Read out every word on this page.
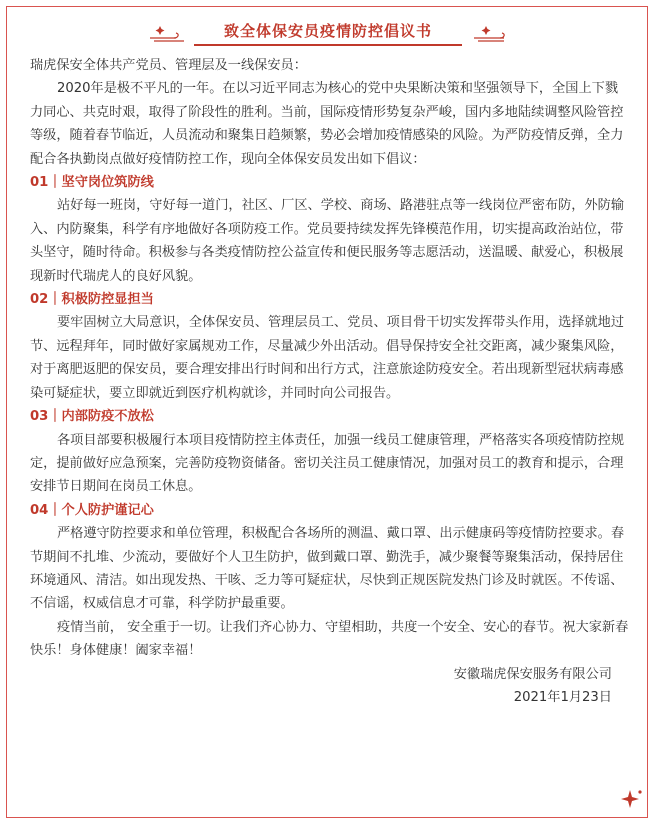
致全体保安员疫情防控倡议书

瑞虎保安全体共产党员、管理层及一线保安员：

2020年是极不平凡的一年。在以习近平同志为核心的党中央果断决策和坚强领导下，全国上下戮力同心、共克时艰，取得了阶段性的胜利。当前，国际疫情形势复杂严峻，国内多地陆续调整风险管控等级，随着春节临近，人员流动和聚集日趋频繁，势必会增加疫情感染的风险。为严防疫情反弹，全力配合各执勤岗点做好疫情防控工作，现向全体保安员发出如下倡议：

01｜坚守岗位筑防线

站好每一班岗，守好每一道门，社区、厂区、学校、商场、路港驻点等一线岗位严密布防，外防输入、内防聚集，科学有序地做好各项防疫工作。党员要持续发挥先锋模范作用，切实提高政治站位，带头坚守，随时待命。积极参与各类疫情防控公益宣传和便民服务等志愿活动，送温暖、献爱心，积极展现新时代瑞虎人的良好风貌。

02｜积极防控显担当

要牢固树立大局意识，全体保安员、管理层员工、党员、项目骨干切实发挥带头作用，选择就地过节、远程拜年，同时做好家属规劝工作，尽量减少外出活动。倡导保持安全社交距离，减少聚集风险，对于离肥返肥的保安员，要合理安排出行时间和出行方式，注意旅途防疫安全。若出现新型冠状病毒感染可疑症状，要立即就近到医疗机构就诊，并同时向公司报告。

03｜内部防疫不放松

各项目部要积极履行本项目疫情防控主体责任，加强一线员工健康管理，严格落实各项疫情防控规定，提前做好应急预案，完善防疫物资储备。密切关注员工健康情况，加强对员工的教育和提示，合理安排节日期间在岗员工休息。

04｜个人防护谨记心

严格遵守防控要求和单位管理，积极配合各场所的测温、戴口罩、出示健康码等疫情防控要求。春节期间不扎堆、少流动，要做好个人卫生防护，做到戴口罩、勤洗手，减少聚餐等聚集活动，保持居住环境通风、清洁。如出现发热、干咳、乏力等可疑症状，尽快到正规医院发热门诊及时就医。不传谣、不信谣，权威信息才可靠，科学防护最重要。

疫情当前， 安全重于一切。让我们齐心协力、守望相助，共度一个安全、安心的春节。祝大家新春快乐！身体健康！阖家幸福！

安徽瑞虎保安服务有限公司

2021年1月23日
